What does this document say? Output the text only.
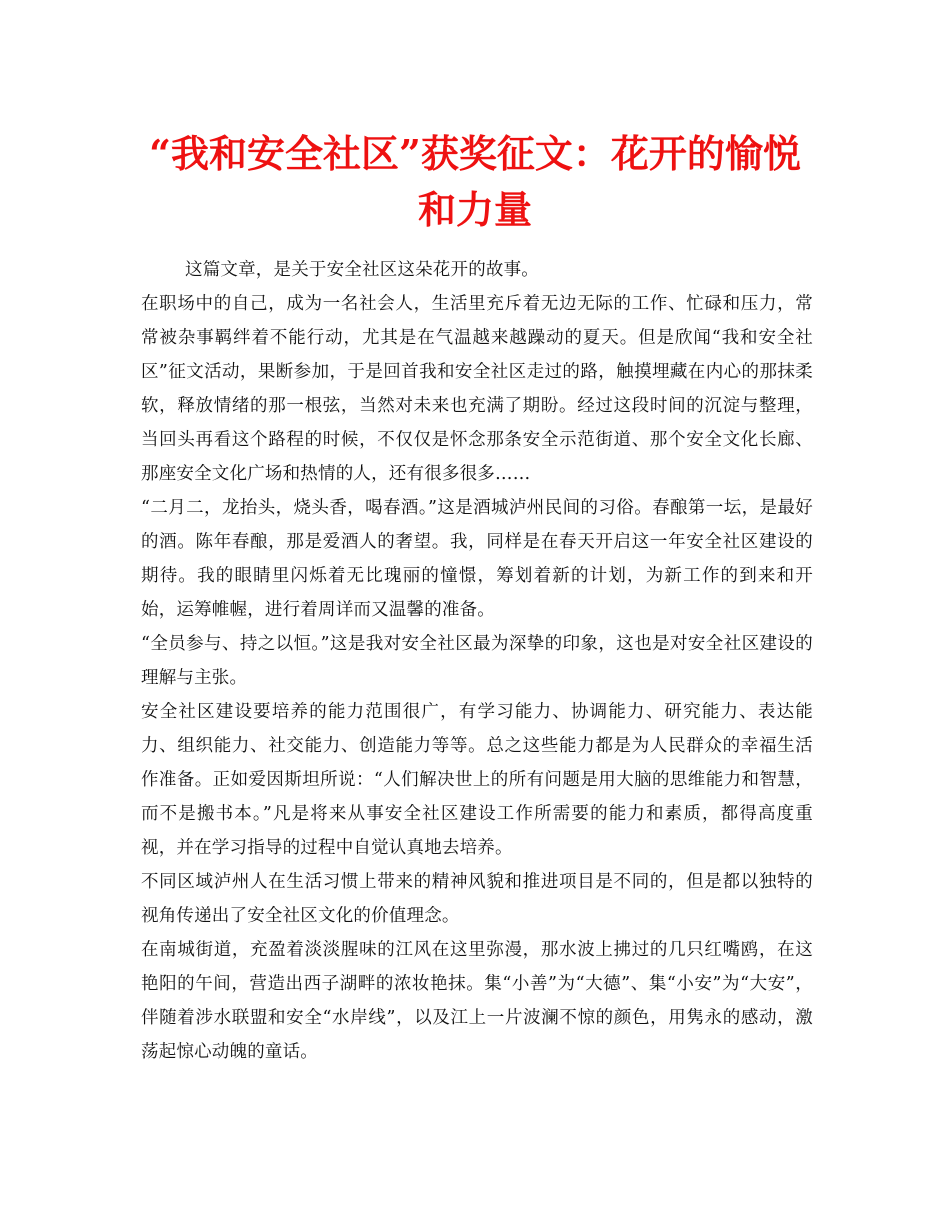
“我和安全社区”获奖征文：花开的愉悦和力量

这篇文章，是关于安全社区这朵花开的故事。

在职场中的自己，成为一名社会人，生活里充斥着无边无际的工作、忙碌和压力，常常被杂事羁绊着不能行动，尤其是在气温越来越躁动的夏天。但是欣闻“我和安全社区”征文活动，果断参加，于是回首我和安全社区走过的路，触摸埋藏在内心的那抹柔软，释放情绪的那一根弦，当然对未来也充满了期盼。经过这段时间的沉淀与整理，当回头再看这个路程的时候，不仅仅是怀念那条安全示范街道、那个安全文化长廊、那座安全文化广场和热情的人，还有很多很多……

“二月二，龙抬头，烧头香，喝春酒。”这是酒城泸州民间的习俗。春酿第一坛，是最好的酒。陈年春酿，那是爱酒人的奢望。我，同样是在春天开启这一年安全社区建设的期待。我的眼睛里闪烁着无比瑰丽的憧憬，筹划着新的计划，为新工作的到来和开始，运筹帷幄，进行着周详而又温馨的准备。

“全员参与、持之以恒。”这是我对安全社区最为深挚的印象，这也是对安全社区建设的理解与主张。

安全社区建设要培养的能力范围很广，有学习能力、协调能力、研究能力、表达能力、组织能力、社交能力、创造能力等等。总之这些能力都是为人民群众的幸福生活作准备。正如爱因斯坦所说：“人们解决世上的所有问题是用大脑的思维能力和智慧，而不是搬书本。”凡是将来从事安全社区建设工作所需要的能力和素质，都得高度重视，并在学习指导的过程中自觉认真地去培养。

不同区域泸州人在生活习惯上带来的精神风貌和推进项目是不同的，但是都以独特的视角传递出了安全社区文化的价值理念。

在南城街道，充盈着淡淡腥味的江风在这里弥漫，那水波上拂过的几只红嘴鸥，在这艳阳的午间，营造出西子湖畔的浓妆艳抹。集“小善”为“大德”、集“小安”为“大安”，伴随着涉水联盟和安全“水岸线”，以及江上一片波澜不惊的颜色，用隽永的感动，激荡起惊心动魄的童话。
